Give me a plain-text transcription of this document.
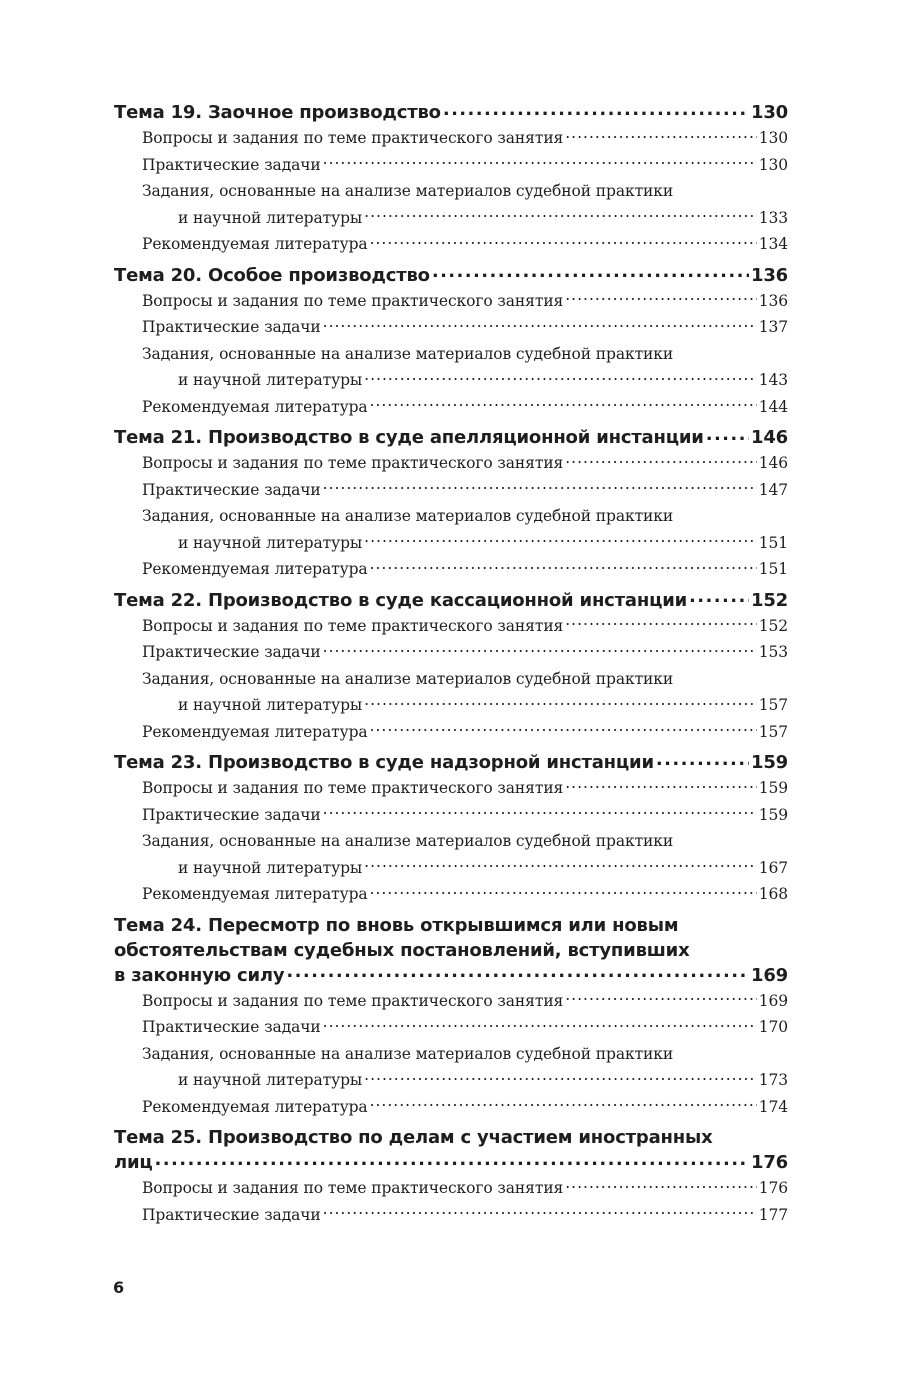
Тема 19. Заочное производство .....	130
Вопросы и задания по теме практического занятия .....	130
Практические задачи .....	130
Задания, основанные на анализе материалов судебной практики
и научной литературы .....	133
Рекомендуемая литература .....	134
Тема 20. Особое производство .....	136
Вопросы и задания по теме практического занятия .....	136
Практические задачи .....	137
Задания, основанные на анализе материалов судебной практики
и научной литературы .....	143
Рекомендуемая литература .....	144
Тема 21. Производство в суде апелляционной инстанции .....	146
Вопросы и задания по теме практического занятия .....	146
Практические задачи .....	147
Задания, основанные на анализе материалов судебной практики
и научной литературы .....	151
Рекомендуемая литература .....	151
Тема 22. Производство в суде кассационной инстанции .....	152
Вопросы и задания по теме практического занятия .....	152
Практические задачи .....	153
Задания, основанные на анализе материалов судебной практики
и научной литературы .....	157
Рекомендуемая литература .....	157
Тема 23. Производство в суде надзорной инстанции .....	159
Вопросы и задания по теме практического занятия .....	159
Практические задачи .....	159
Задания, основанные на анализе материалов судебной практики
и научной литературы .....	167
Рекомендуемая литература .....	168
Тема 24. Пересмотр по вновь открывшимся или новым
обстоятельствам судебных постановлений, вступивших
в законную силу .....	169
Вопросы и задания по теме практического занятия .....	169
Практические задачи .....	170
Задания, основанные на анализе материалов судебной практики
и научной литературы .....	173
Рекомендуемая литература .....	174
Тема 25. Производство по делам с участием иностранных
лиц .....	176
Вопросы и задания по теме практического занятия .....	176
Практические задачи .....	177
6
